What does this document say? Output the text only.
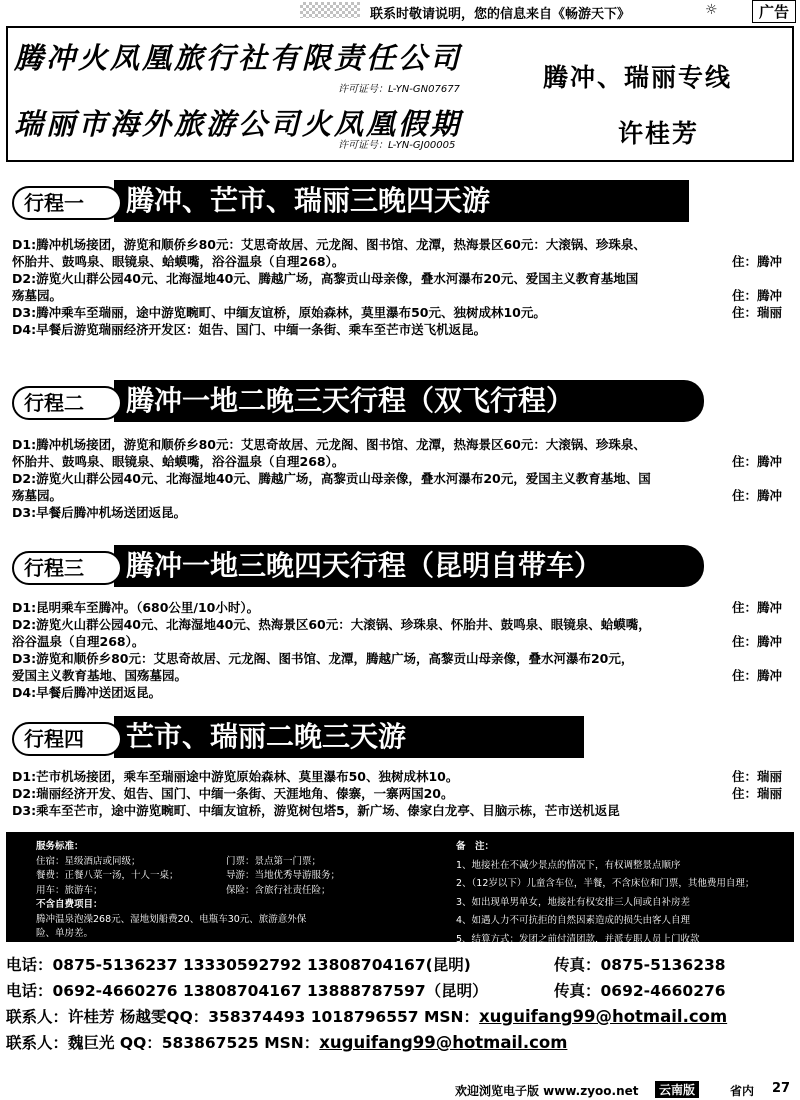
联系时敬请说明，您的信息来自《畅游天下》	☼	广告
腾冲火凤凰旅行社有限责任公司
许可证号：L-YN-GN07677
瑞丽市海外旅游公司火凤凰假期
许可证号：L-YN-GJ00005
腾冲、瑞丽专线
许桂芳
行程一	腾冲、芒市、瑞丽三晚四天游
D1:腾冲机场接团，游览和顺侨乡80元：艾思奇故居、元龙阁、图书馆、龙潭，热海景区60元：大滚锅、珍珠泉、
怀胎井、鼓鸣泉、眼镜泉、蛤蟆嘴，浴谷温泉（自理268）。	住：腾冲
D2:游览火山群公园40元、北海湿地40元、腾越广场，高黎贡山母亲像，叠水河瀑布20元、爱国主义教育基地国
殇墓园。	住：腾冲
D3:腾冲乘车至瑞丽，途中游览畹町、中缅友谊桥，原始森林，莫里瀑布50元、独树成林10元。	住：瑞丽
D4:早餐后游览瑞丽经济开发区：姐告、国门、中缅一条街、乘车至芒市送飞机返昆。
行程二	腾冲一地二晚三天行程（双飞行程）
D1:腾冲机场接团，游览和顺侨乡80元：艾思奇故居、元龙阁、图书馆、龙潭，热海景区60元：大滚锅、珍珠泉、
怀胎井、鼓鸣泉、眼镜泉、蛤蟆嘴，浴谷温泉（自理268）。	住：腾冲
D2:游览火山群公园40元、北海湿地40元、腾越广场，高黎贡山母亲像，叠水河瀑布20元，爱国主义教育基地、国
殇墓园。	住：腾冲
D3:早餐后腾冲机场送团返昆。
行程三	腾冲一地三晚四天行程（昆明自带车）
D1:昆明乘车至腾冲。（680公里/10小时）。	住：腾冲
D2:游览火山群公园40元、北海湿地40元、热海景区60元：大滚锅、珍珠泉、怀胎井、鼓鸣泉、眼镜泉、蛤蟆嘴，
浴谷温泉（自理268）。	住：腾冲
D3:游览和顺侨乡80元：艾思奇故居、元龙阁、图书馆、龙潭，腾越广场，高黎贡山母亲像，叠水河瀑布20元，
爱国主义教育基地、国殇墓园。	住：腾冲
D4:早餐后腾冲送团返昆。
行程四	芒市、瑞丽二晚三天游
D1:芒市机场接团，乘车至瑞丽途中游览原始森林、莫里瀑布50、独树成林10。	住：瑞丽
D2:瑞丽经济开发、姐告、国门、中缅一条街、天涯地角、傣寨，一寨两国20。	住：瑞丽
D3:乘车至芒市，途中游览畹町、中缅友谊桥，游览树包塔5，新广场、傣家白龙亭、目脑示栋，芒市送机返昆
服务标准：
住宿：星级酒店或同级；	门票：景点第一门票；
餐费：正餐八菜一汤，十人一桌；	导游：当地优秀导游服务；
用车：旅游车；	保险：含旅行社责任险；
不含自费项目：
腾冲温泉泡澡268元、湿地划船费20、电瓶车30元、旅游意外保
险、单房差。
备　注：
1、地接社在不减少景点的情况下，有权调整景点顺序
2、（12岁以下）儿童含车位，半餐，不含床位和门票，其他费用自理；
3、如出现单男单女，地接社有权安排三人间或自补房差
4、如遇人力不可抗拒的自然因素造成的损失由客人自理
5、结算方式：发团之前付清团款，并派专职人员上门收款
电话：0875-5136237 13330592792 13808704167(昆明)	传真：0875-5136238
电话：0692-4660276 13808704167 13888787597（昆明）	传真：0692-4660276
联系人：许桂芳 杨越雯QQ：358374493 1018796557 MSN：xuguifang99@hotmail.com
联系人：魏巨光 QQ：583867525 MSN：xuguifang99@hotmail.com
欢迎浏览电子版 www.zyoo.net	云南版	省内 27
